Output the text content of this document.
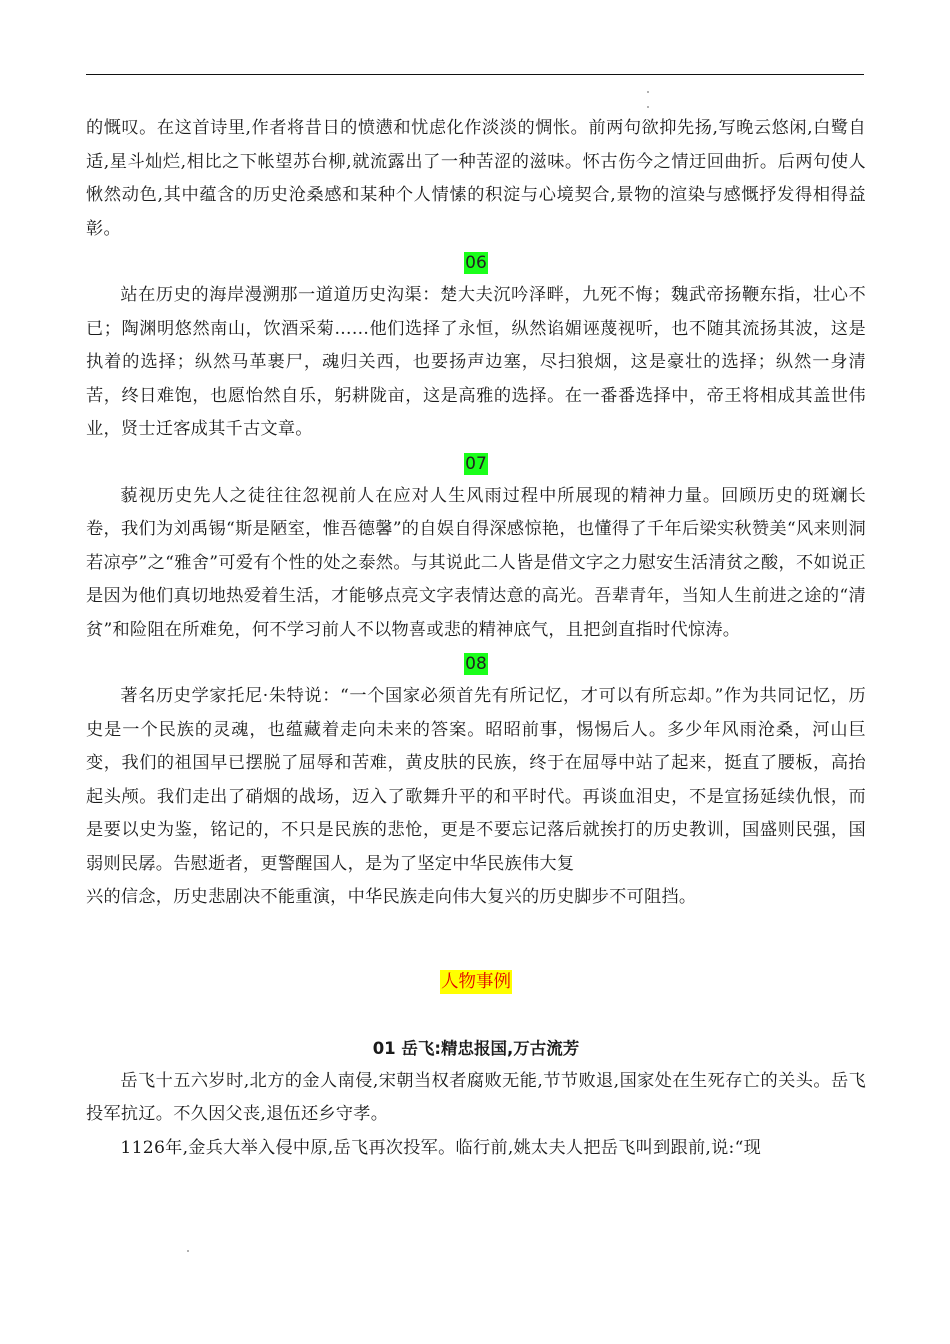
的慨叹。在这首诗里,作者将昔日的愤懑和忧虑化作淡淡的惆怅。前两句欲抑先扬,写晚云悠闲,白鹭自适,星斗灿烂,相比之下帐望苏台柳,就流露出了一种苦涩的滋味。怀古伤今之情迂回曲折。后两句使人愀然动色,其中蕴含的历史沧桑感和某种个人情愫的积淀与心境契合,景物的渲染与感慨抒发得相得益彰。

06

站在历史的海岸漫溯那一道道历史沟渠：楚大夫沉吟泽畔，九死不悔；魏武帝扬鞭东指，壮心不已；陶渊明悠然南山，饮酒采菊……他们选择了永恒，纵然谄媚诬蔑视听，也不随其流扬其波，这是执着的选择；纵然马革裹尸，魂归关西，也要扬声边塞，尽扫狼烟，这是豪壮的选择；纵然一身清苦，终日难饱，也愿怡然自乐，躬耕陇亩，这是高雅的选择。在一番番选择中，帝王将相成其盖世伟业，贤士迁客成其千古文章。

07

藐视历史先人之徒往往忽视前人在应对人生风雨过程中所展现的精神力量。回顾历史的斑斓长卷，我们为刘禹锡“斯是陋室，惟吾德馨”的自娱自得深感惊艳，也懂得了千年后梁实秋赞美“风来则洞若凉亭”之“雅舍”可爱有个性的处之泰然。与其说此二人皆是借文字之力慰安生活清贫之酸，不如说正是因为他们真切地热爱着生活，才能够点亮文字表情达意的高光。吾辈青年，当知人生前进之途的“清贫”和险阻在所难免，何不学习前人不以物喜或悲的精神底气，且把剑直指时代惊涛。

08

著名历史学家托尼·朱特说：“一个国家必须首先有所记忆，才可以有所忘却。”作为共同记忆，历史是一个民族的灵魂，也蕴藏着走向未来的答案。昭昭前事，惕惕后人。多少年风雨沧桑，河山巨变，我们的祖国早已摆脱了屈辱和苦难，黄皮肤的民族，终于在屈辱中站了起来，挺直了腰板，高抬起头颅。我们走出了硝烟的战场，迈入了歌舞升平的和平时代。再谈血泪史，不是宣扬延续仇恨，而是要以史为鉴，铭记的，不只是民族的悲怆，更是不要忘记落后就挨打的历史教训，国盛则民强，国弱则民孱。告慰逝者，更警醒国人，是为了坚定中华民族伟大复

兴的信念，历史悲剧决不能重演，中华民族走向伟大复兴的历史脚步不可阻挡。

人物事例
01 岳飞:精忠报国,万古流芳

岳飞十五六岁时,北方的金人南侵,宋朝当权者腐败无能,节节败退,国家处在生死存亡的关头。岳飞投军抗辽。不久因父丧,退伍还乡守孝。

1126年,金兵大举入侵中原,岳飞再次投军。临行前,姚太夫人把岳飞叫到跟前,说:“现
